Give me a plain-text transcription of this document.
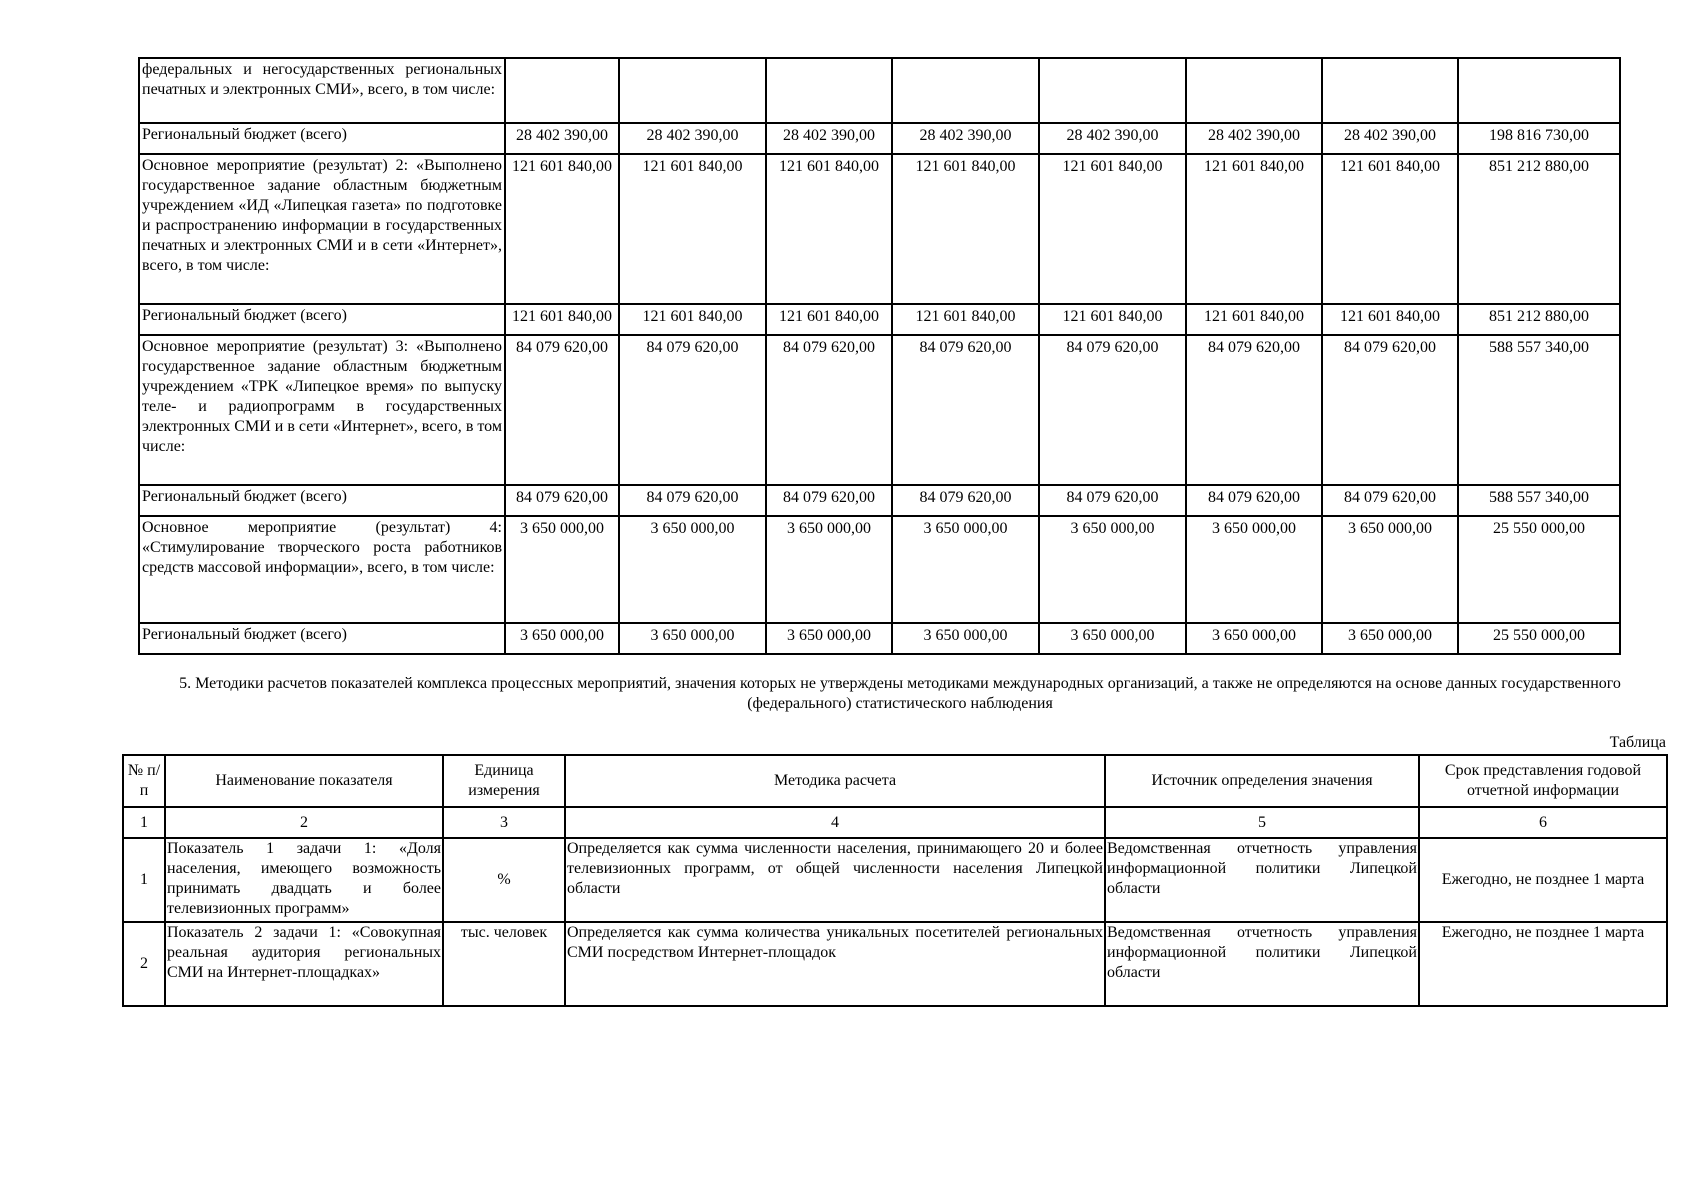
федеральных и негосударственных региональных печатных и электронных СМИ», всего, в том числе:								
Региональный бюджет (всего)	28 402 390,00	28 402 390,00	28 402 390,00	28 402 390,00	28 402 390,00	28 402 390,00	28 402 390,00	198 816 730,00
Основное мероприятие (результат) 2: «Выполнено государственное задание областным бюджетным учреждением «ИД «Липецкая газета» по подготовке и распространению информации в государственных печатных и электронных СМИ и в сети «Интернет», всего, в том числе:	121 601 840,00	121 601 840,00	121 601 840,00	121 601 840,00	121 601 840,00	121 601 840,00	121 601 840,00	851 212 880,00
Региональный бюджет (всего)	121 601 840,00	121 601 840,00	121 601 840,00	121 601 840,00	121 601 840,00	121 601 840,00	121 601 840,00	851 212 880,00
Основное мероприятие (результат) 3: «Выполнено государственное задание областным бюджетным учреждением «ТРК «Липецкое время» по выпуску теле- и радиопрограмм в государственных электронных СМИ и в сети «Интернет», всего, в том числе:	84 079 620,00	84 079 620,00	84 079 620,00	84 079 620,00	84 079 620,00	84 079 620,00	84 079 620,00	588 557 340,00
Региональный бюджет (всего)	84 079 620,00	84 079 620,00	84 079 620,00	84 079 620,00	84 079 620,00	84 079 620,00	84 079 620,00	588 557 340,00
Основное мероприятие (результат) 4: «Стимулирование творческого роста работников средств массовой информации», всего, в том числе:	3 650 000,00	3 650 000,00	3 650 000,00	3 650 000,00	3 650 000,00	3 650 000,00	3 650 000,00	25 550 000,00
Региональный бюджет (всего)	3 650 000,00	3 650 000,00	3 650 000,00	3 650 000,00	3 650 000,00	3 650 000,00	3 650 000,00	25 550 000,00

5. Методики расчетов показателей комплекса процессных мероприятий, значения которых не утверждены методиками международных организаций, а также не определяются на основе данных государственного (федерального) статистического наблюдения

Таблица
№ п/п	Наименование показателя	Единица измерения	Методика расчета	Источник определения значения	Срок представления годовой отчетной информации
1	2	3	4	5	6
1	Показатель 1 задачи 1: «Доля населения, имеющего возможность принимать двадцать и более телевизионных программ»	%	Определяется как сумма численности населения, принимающего 20 и более телевизионных программ, от общей численности населения Липецкой области	Ведомственная отчетность управления информационной политики Липецкой области	Ежегодно, не позднее 1 марта
2	Показатель 2 задачи 1: «Совокупная реальная аудитория региональных СМИ на Интернет-площадках»	тыс. человек	Определяется как сумма количества уникальных посетителей региональных СМИ посредством Интернет-площадок	Ведомственная отчетность управления информационной политики Липецкой области	Ежегодно, не позднее 1 марта
